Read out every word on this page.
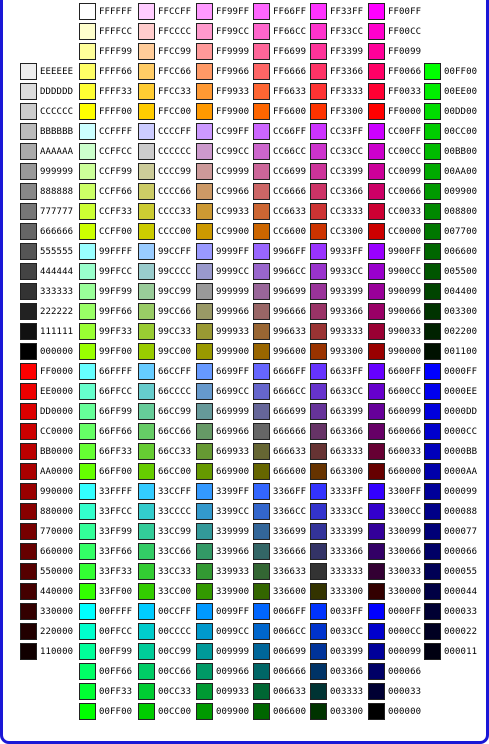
EEEEEE
DDDDDD
CCCCCC
BBBBBB
AAAAAA
999999
888888
777777
666666
555555
444444
333333
222222
111111
000000
FF0000
EE0000
DD0000
CC0000
BB0000
AA0000
990000
880000
770000
660000
550000
440000
330000
220000
110000
FFFFFF
FFFFCC
FFFF99
FFFF66
FFFF33
FFFF00
CCFFFF
CCFFCC
CCFF99
CCFF66
CCFF33
CCFF00
99FFFF
99FFCC
99FF99
99FF66
99FF33
99FF00
66FFFF
66FFCC
66FF99
66FF66
66FF33
66FF00
33FFFF
33FFCC
33FF99
33FF66
33FF33
33FF00
00FFFF
00FFCC
00FF99
00FF66
00FF33
00FF00
FFCCFF
FFCCCC
FFCC99
FFCC66
FFCC33
FFCC00
CCCCFF
CCCCCC
CCCC99
CCCC66
CCCC33
CCCC00
99CCFF
99CCCC
99CC99
99CC66
99CC33
99CC00
66CCFF
66CCCC
66CC99
66CC66
66CC33
66CC00
33CCFF
33CCCC
33CC99
33CC66
33CC33
33CC00
00CCFF
00CCCC
00CC99
00CC66
00CC33
00CC00
FF99FF
FF99CC
FF9999
FF9966
FF9933
FF9900
CC99FF
CC99CC
CC9999
CC9966
CC9933
CC9900
9999FF
9999CC
999999
999966
999933
999900
6699FF
6699CC
669999
669966
669933
669900
3399FF
3399CC
339999
339966
339933
339900
0099FF
0099CC
009999
009966
009933
009900
FF66FF
FF66CC
FF6699
FF6666
FF6633
FF6600
CC66FF
CC66CC
CC6699
CC6666
CC6633
CC6600
9966FF
9966CC
996699
996666
996633
996600
6666FF
6666CC
666699
666666
666633
666600
3366FF
3366CC
336699
336666
336633
336600
0066FF
0066CC
006699
006666
006633
006600
FF33FF
FF33CC
FF3399
FF3366
FF3333
FF3300
CC33FF
CC33CC
CC3399
CC3366
CC3333
CC3300
9933FF
9933CC
993399
993366
993333
993300
6633FF
6633CC
663399
663366
663333
663300
3333FF
3333CC
333399
333366
333333
333300
0033FF
0033CC
003399
003366
003333
003300
FF00FF
FF00CC
FF0099
FF0066
FF0033
FF0000
CC00FF
CC00CC
CC0099
CC0066
CC0033
CC0000
9900FF
9900CC
990099
990066
990033
990000
6600FF
6600CC
660099
660066
660033
660000
3300FF
3300CC
330099
330066
330033
330000
0000FF
0000CC
000099
000066
000033
000000
00FF00
00EE00
00DD00
00CC00
00BB00
00AA00
009900
008800
007700
006600
005500
004400
003300
002200
001100
0000FF
0000EE
0000DD
0000CC
0000BB
0000AA
000099
000088
000077
000066
000055
000044
000033
000022
000011
